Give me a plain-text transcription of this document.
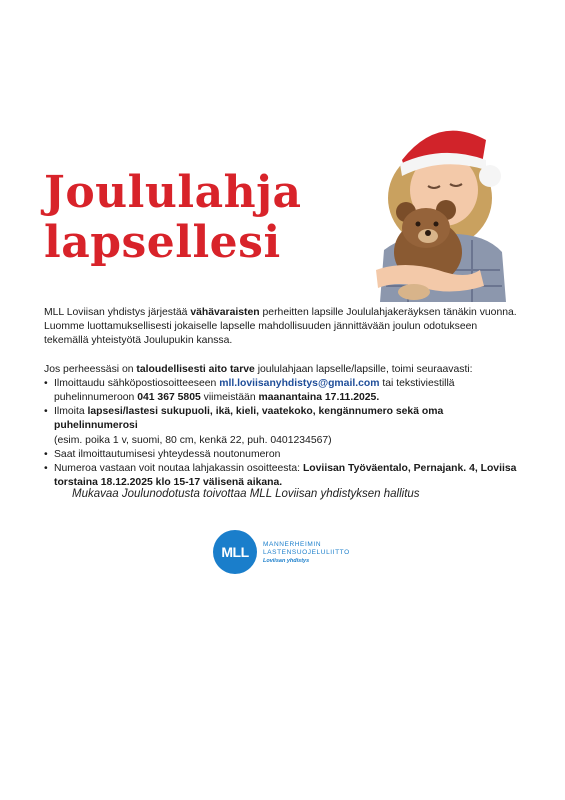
Joululahja
lapsellesi

MLL Loviisan yhdistys järjestää vähävaraisten perheitten lapsille Joululahjakeräyksen tänäkin vuonna. Luomme luottamuksellisesti jokaiselle lapselle mahdollisuuden jännittävään joulun odotukseen tekemällä yhteistyötä Joulupukin kanssa.

Jos perheessäsi on taloudellisesti aito tarve joululahjaan lapselle/lapsille, toimi seuraavasti:

• Ilmoittaudu sähköpostiosoitteeseen mll.loviisanyhdistys@gmail.com tai tekstiviestillä
puhelinnumeroon 041 367 5805 viimeistään maanantaina 17.11.2025.
• Ilmoita lapsesi/lastesi sukupuoli, ikä, kieli, vaatekoko, kengännumero sekä oma puhelinnumerosi
(esim. poika 1 v, suomi, 80 cm, kenkä 22, puh. 0401234567)
• Saat ilmoittautumisesi yhteydessä noutonumeron
• Numeroa vastaan voit noutaa lahjakassin osoitteesta: Loviisan Työväentalo, Pernajank. 4, Loviisa
torstaina 18.12.2025 klo 15-17 välisenä aikana.
Mukavaa Joulunodotusta toivottaa MLL Loviisan yhdistyksen hallitus
MLL	MANNERHEIMIN
LASTENSUOJELULIITTO
Loviisan yhdistys
